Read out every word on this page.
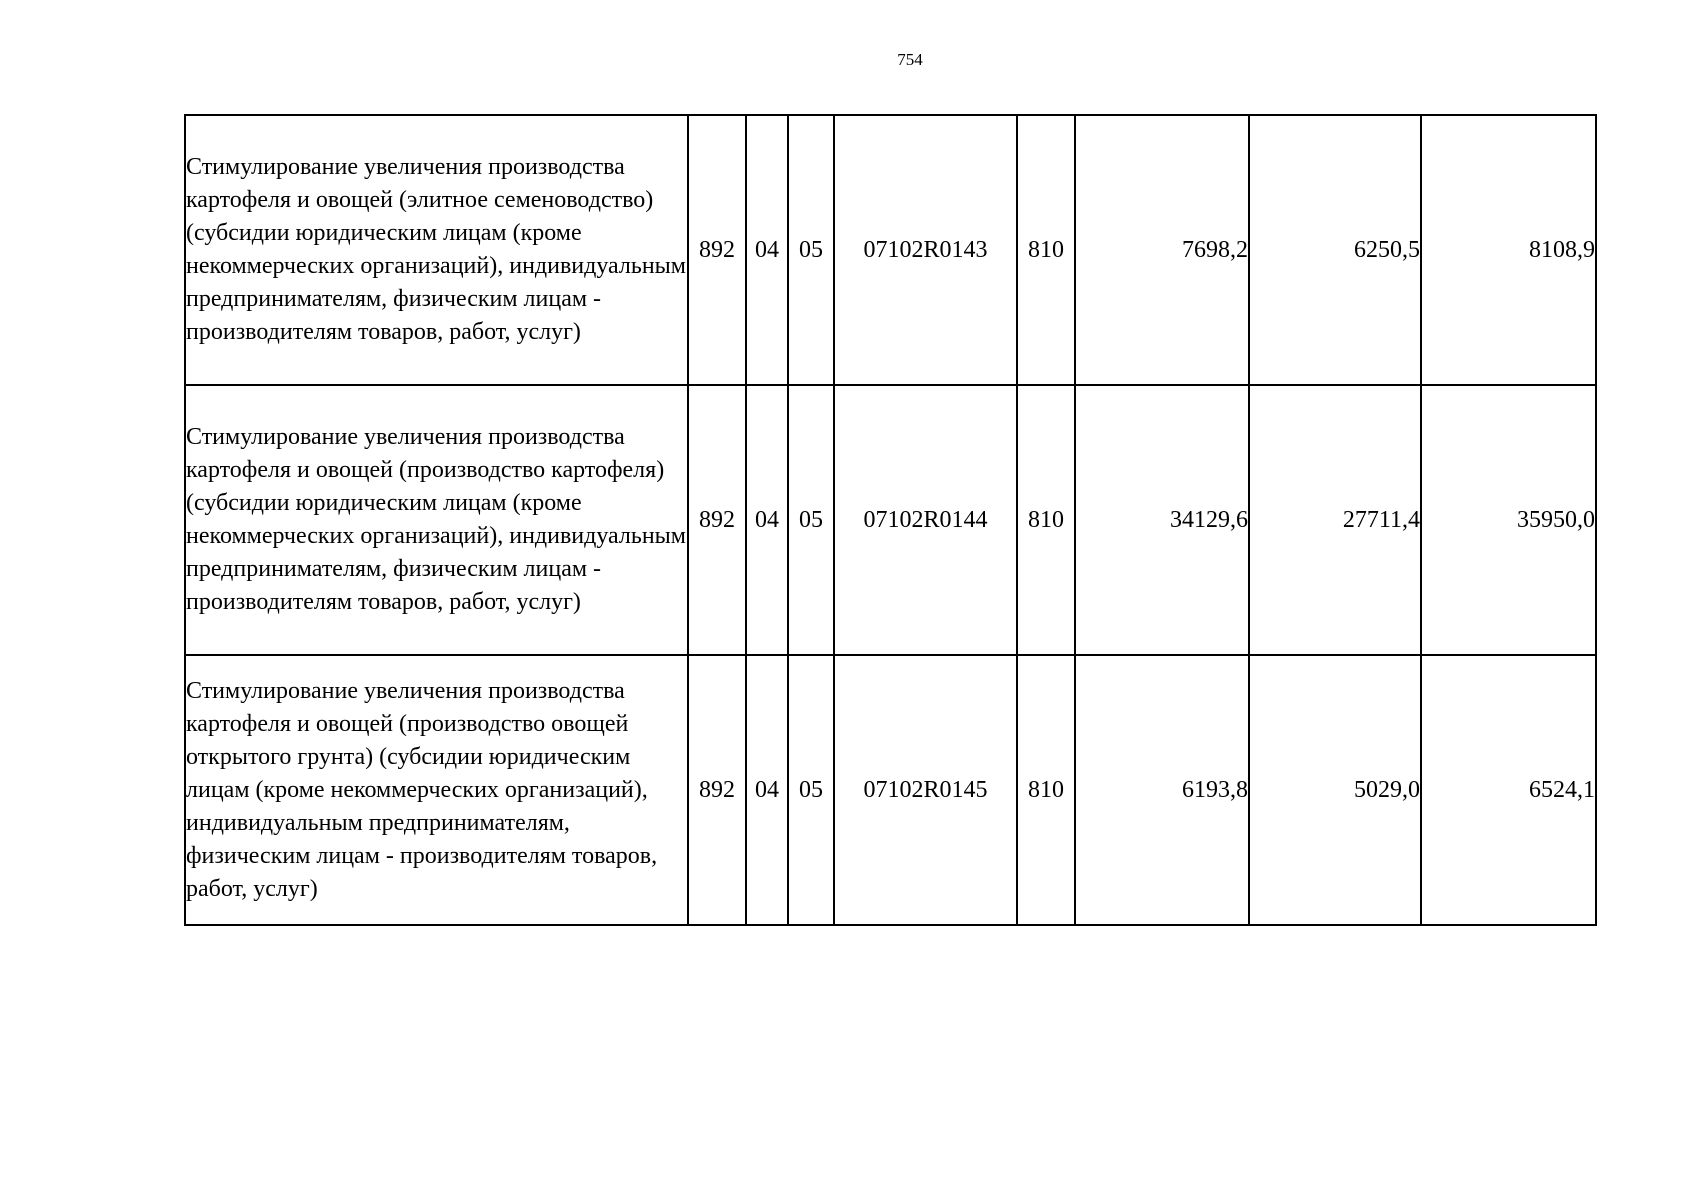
754
Стимулирование увеличения производства картофеля и овощей (элитное семеноводство) (субсидии юридическим лицам (кроме некоммерческих организаций), индивидуальным предпринимателям, физическим лицам - производителям товаров, работ, услуг)	892	04	05	07102R0143	810	7698,2	6250,5	8108,9
Стимулирование увеличения производства картофеля и овощей (производство картофеля) (субсидии юридическим лицам (кроме некоммерческих организаций), индивидуальным предпринимателям, физическим лицам - производителям товаров, работ, услуг)	892	04	05	07102R0144	810	34129,6	27711,4	35950,0
Стимулирование увеличения производства картофеля и овощей (производство овощей открытого грунта) (субсидии юридическим лицам (кроме некоммерческих организаций), индивидуальным предпринимателям, физическим лицам - производителям товаров, работ, услуг)	892	04	05	07102R0145	810	6193,8	5029,0	6524,1
